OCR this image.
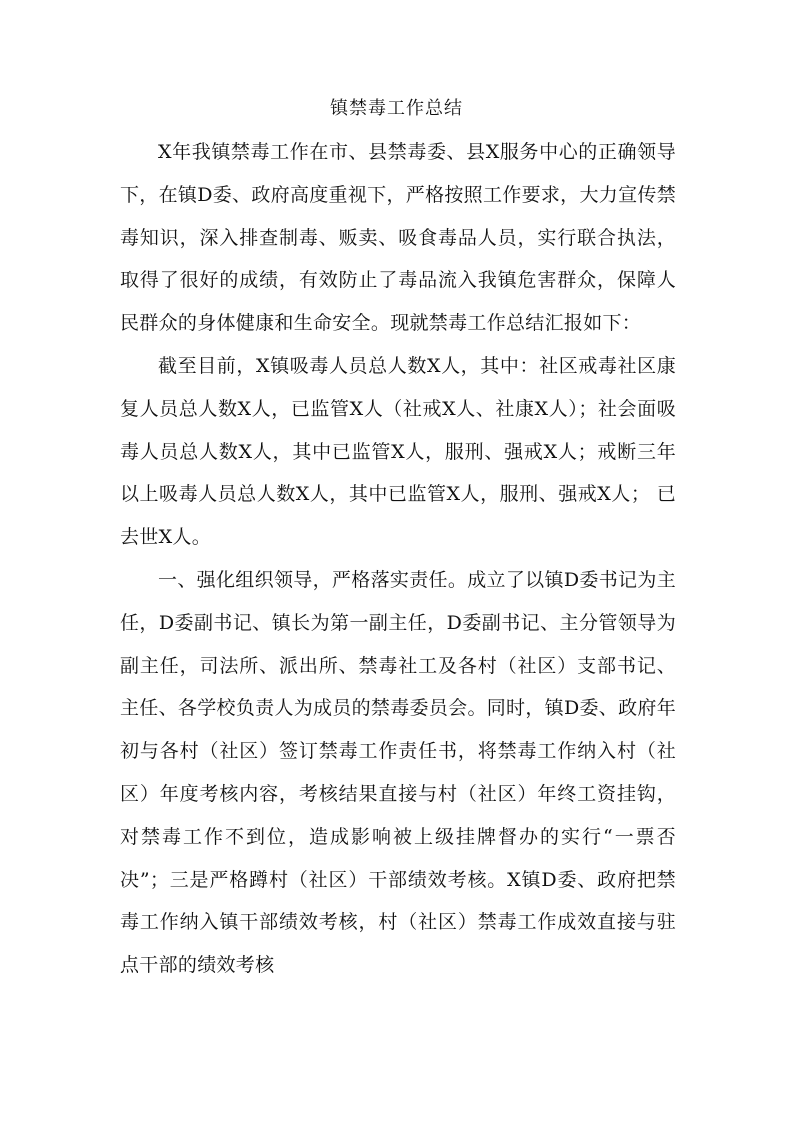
镇禁毒工作总结

X年我镇禁毒工作在市、县禁毒委、县X服务中心的正确领导下，在镇D委、政府高度重视下，严格按照工作要求，大力宣传禁毒知识，深入排查制毒、贩卖、吸食毒品人员，实行联合执法，取得了很好的成绩，有效防止了毒品流入我镇危害群众，保障人民群众的身体健康和生命安全。现就禁毒工作总结汇报如下：

截至目前，X镇吸毒人员总人数X人，其中：社区戒毒社区康复人员总人数X人，已监管X人（社戒X人、社康X人）；社会面吸毒人员总人数X人，其中已监管X人，服刑、强戒X人；戒断三年以上吸毒人员总人数X人，其中已监管X人，服刑、强戒X人； 已去世X人。

一、强化组织领导，严格落实责任。成立了以镇D委书记为主任，D委副书记、镇长为第一副主任，D委副书记、主分管领导为副主任，司法所、派出所、禁毒社工及各村（社区）支部书记、主任、各学校负责人为成员的禁毒委员会。同时，镇D委、政府年初与各村（社区）签订禁毒工作责任书，将禁毒工作纳入村（社区）年度考核内容，考核结果直接与村（社区）年终工资挂钩，对禁毒工作不到位，造成影响被上级挂牌督办的实行“一票否决”；三是严格蹲村（社区）干部绩效考核。X镇D委、政府把禁毒工作纳入镇干部绩效考核，村（社区）禁毒工作成效直接与驻点干部的绩效考核
